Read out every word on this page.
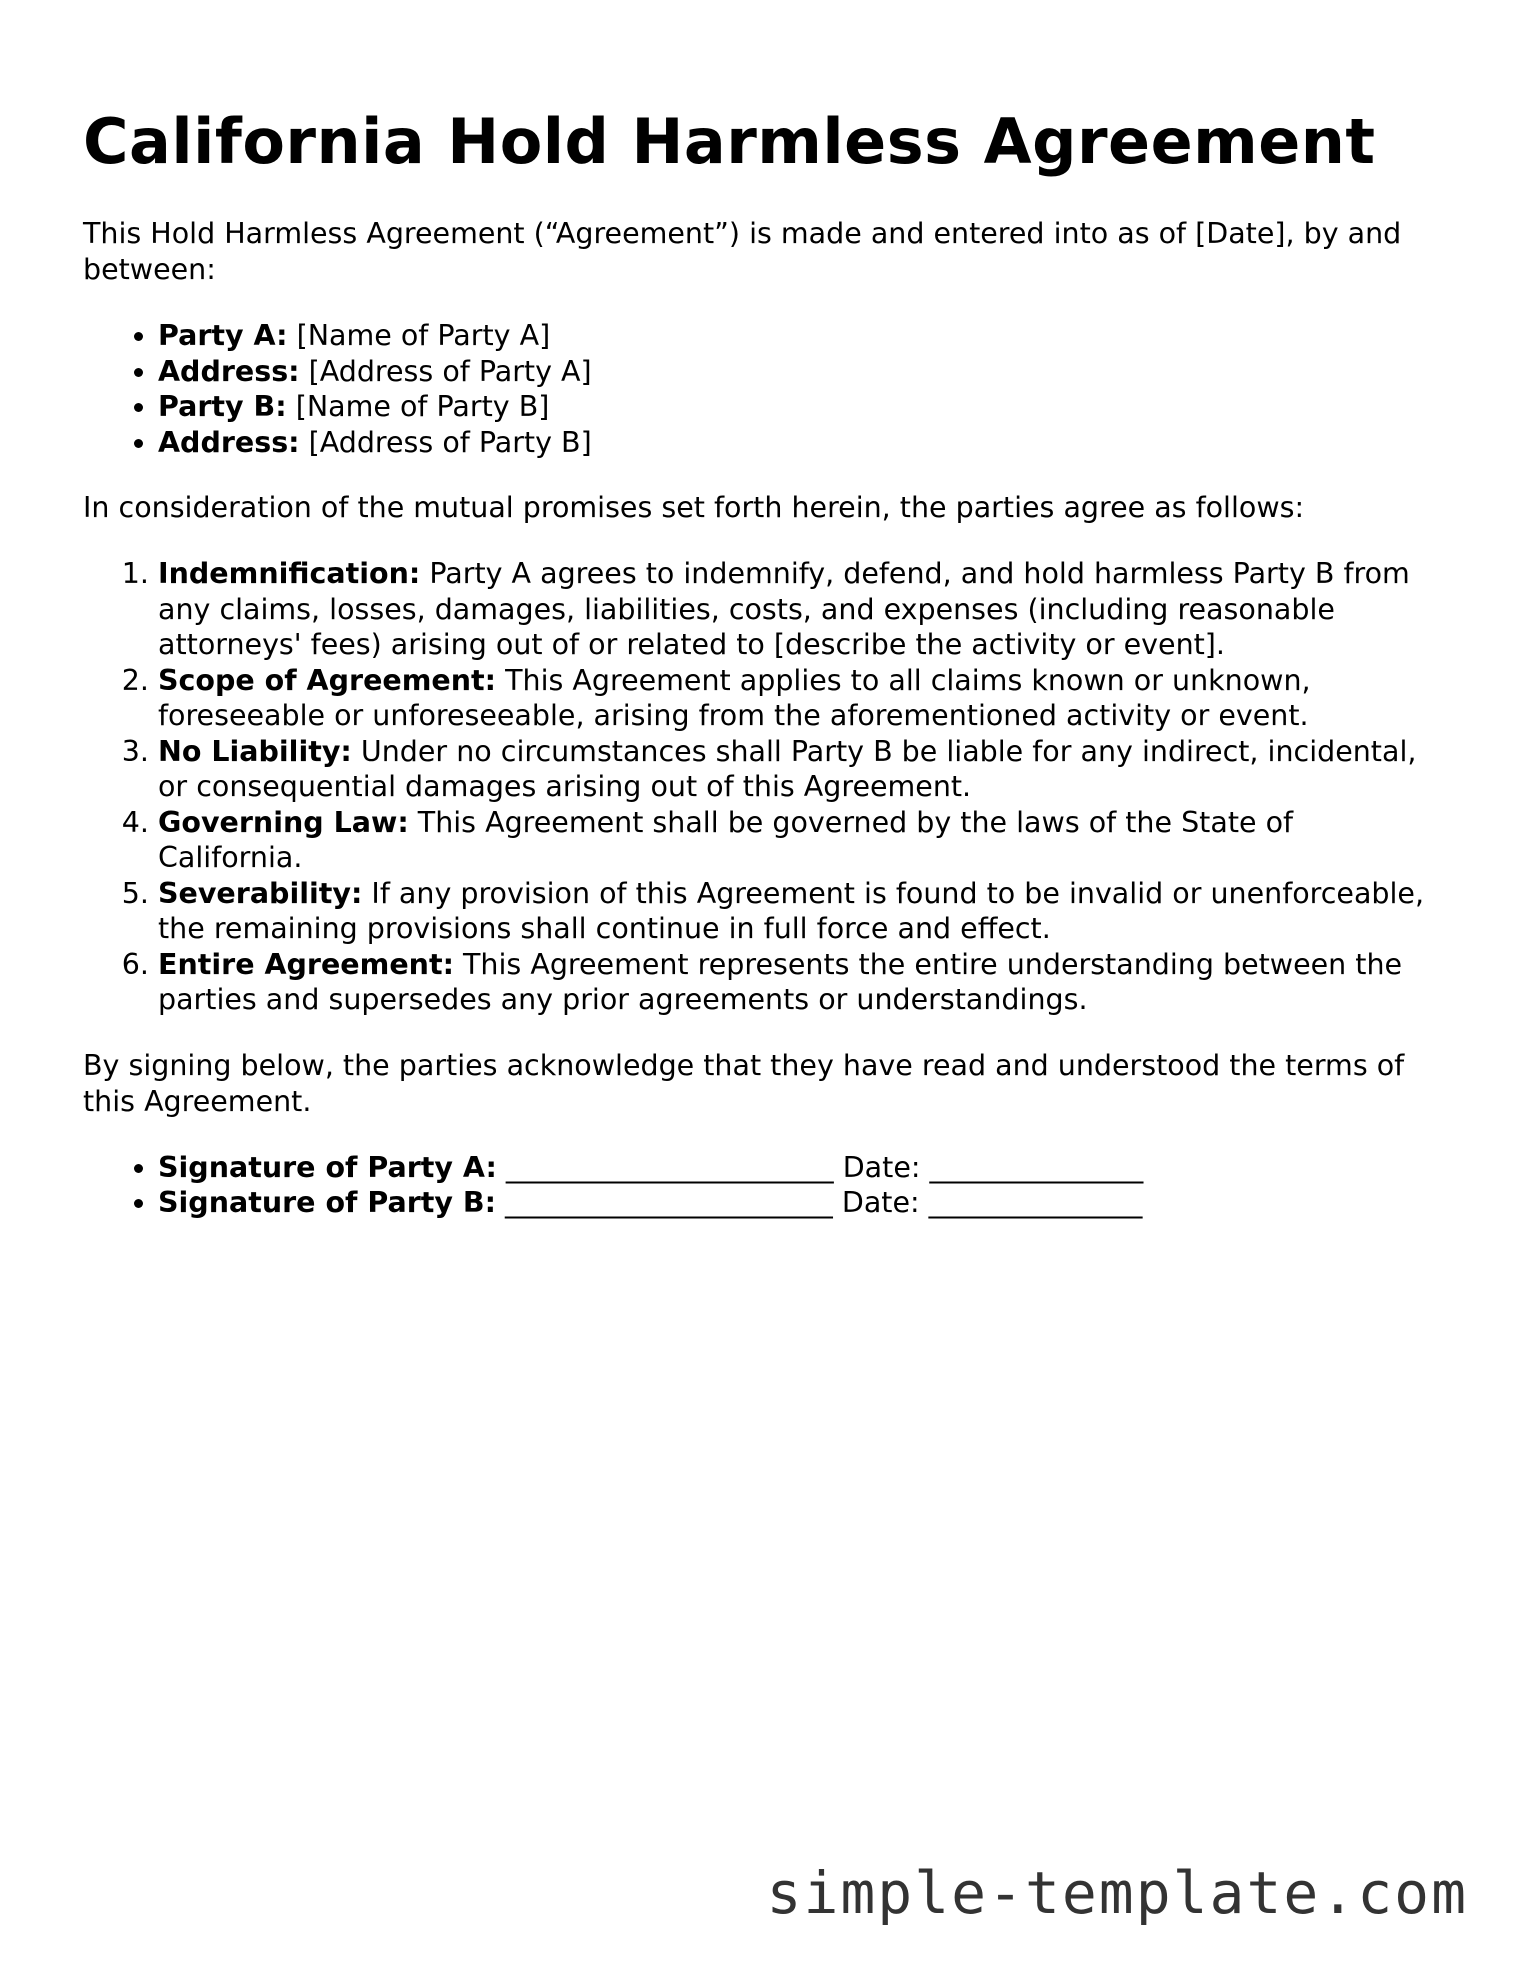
California Hold Harmless Agreement

This Hold Harmless Agreement (“Agreement”) is made and entered into as of [Date], by and between:

• Party A: [Name of Party A]
• Address: [Address of Party A]
• Party B: [Name of Party B]
• Address: [Address of Party B]

In consideration of the mutual promises set forth herein, the parties agree as follows:

1. Indemnification: Party A agrees to indemnify, defend, and hold harmless Party B from any claims, losses, damages, liabilities, costs, and expenses (including reasonable attorneys' fees) arising out of or related to [describe the activity or event].
2. Scope of Agreement: This Agreement applies to all claims known or unknown, foreseeable or unforeseeable, arising from the aforementioned activity or event.
3. No Liability: Under no circumstances shall Party B be liable for any indirect, incidental, or consequential damages arising out of this Agreement.
4. Governing Law: This Agreement shall be governed by the laws of the State of California.
5. Severability: If any provision of this Agreement is found to be invalid or unenforceable, the remaining provisions shall continue in full force and effect.
6. Entire Agreement: This Agreement represents the entire understanding between the parties and supersedes any prior agreements or understandings.

By signing below, the parties acknowledge that they have read and understood the terms of this Agreement.

• Signature of Party A: _______________________ Date: _______________
• Signature of Party B: _______________________ Date: _______________
simple-template.com
